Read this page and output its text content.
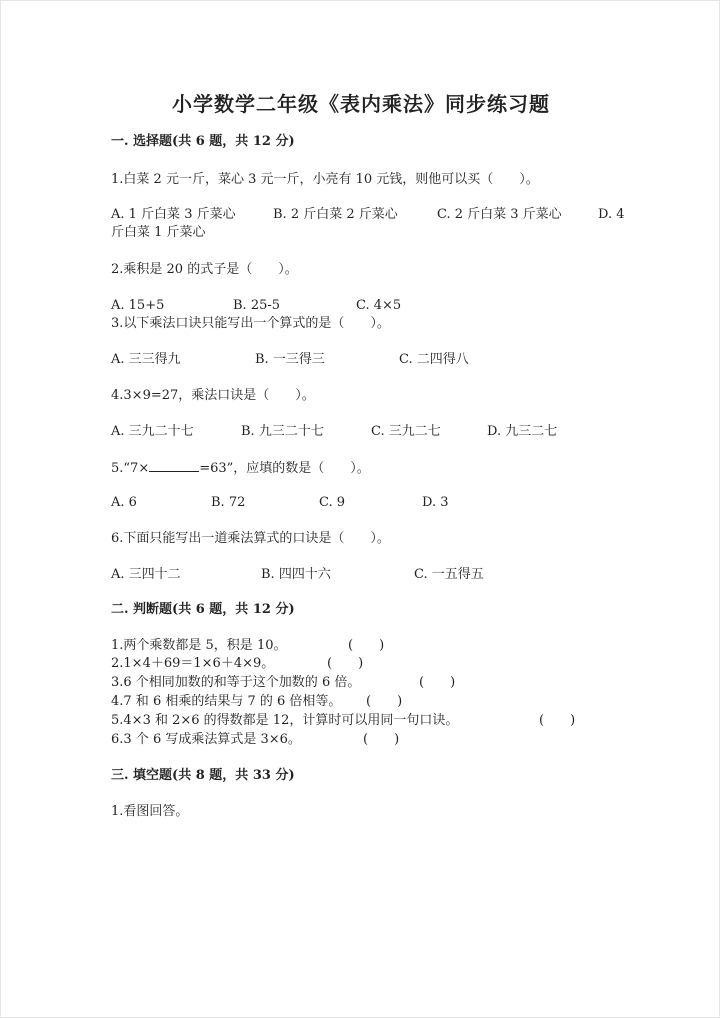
小学数学二年级《表内乘法》同步练习题
一. 选择题(共 6 题，共 12 分)
1.白菜 2 元一斤，菜心 3 元一斤，小亮有 10 元钱，则他可以买（　　）。
A. 1 斤白菜 3 斤菜心	B. 2 斤白菜 2 斤菜心	C. 2 斤白菜 3 斤菜心	D. 4
斤白菜 1 斤菜心
2.乘积是 20 的式子是（　　）。
A. 15+5	B. 25-5	C. 4×5
3.以下乘法口诀只能写出一个算式的是（　　）。
A. 三三得九	B. 一三得三	C. 二四得八
4.3×9=27，乘法口诀是（　　）。
A. 三九二十七	B. 九三二十七	C. 三九二七	D. 九三二七
5.“7×	=63”，应填的数是（　　）。
A. 6	B. 72	C. 9	D. 3
6.下面只能写出一道乘法算式的口诀是（　　）。
A. 三四十二	B. 四四十六	C. 一五得五
二. 判断题(共 6 题，共 12 分)
1.两个乘数都是 5，积是 10。	(　　)
2.1×4＋69＝1×6＋4×9。	(　　)
3.6 个相同加数的和等于这个加数的 6 倍。	(　　)
4.7 和 6 相乘的结果与 7 的 6 倍相等。 (　　)
5.4×3 和 2×6 的得数都是 12，计算时可以用同一句口诀。	(　　)
6.3 个 6 写成乘法算式是 3×6。	(　　)
三. 填空题(共 8 题，共 33 分)
1.看图回答。
